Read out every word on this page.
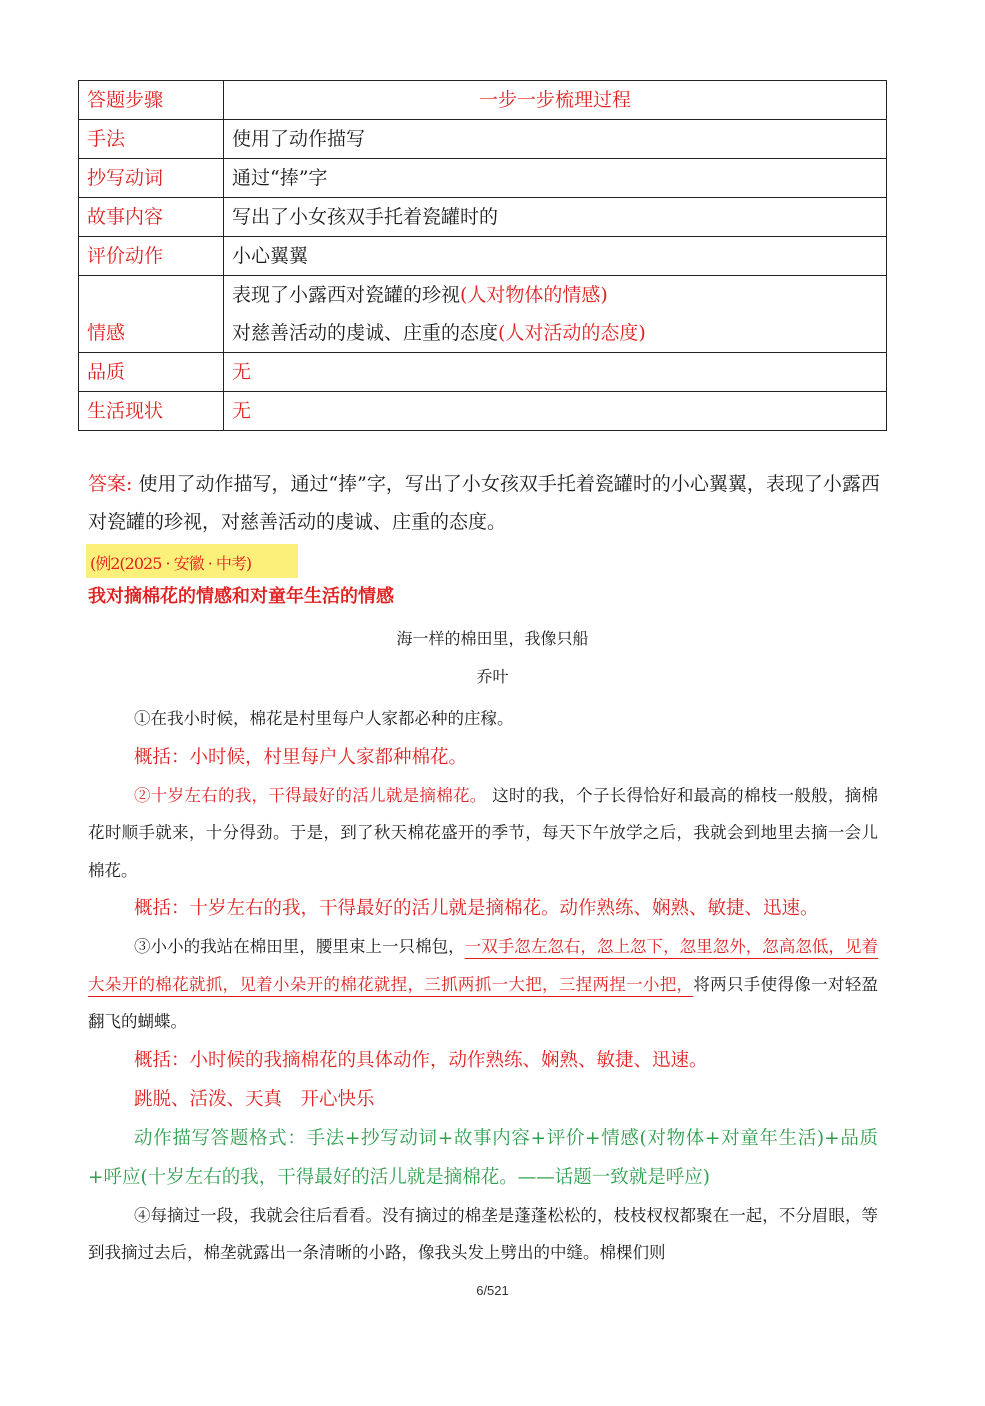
答题步骤	一步一步梳理过程
手法	使用了动作描写
抄写动词	通过“捧”字
故事内容	写出了小女孩双手托着瓷罐时的
评价动作	小心翼翼
情感	表现了小露西对瓷罐的珍视(人对物体的情感)
对慈善活动的虔诚、庄重的态度(人对活动的态度)

品质	无
生活现状	无
答案: 使用了动作描写，通过“捧”字，写出了小女孩双手托着瓷罐时的小心翼翼，表现了小露西对瓷罐的珍视，对慈善活动的虔诚、庄重的态度。
(例2(2025 · 安徽 · 中考)
我对摘棉花的情感和对童年生活的情感
海一样的棉田里，我像只船
乔叶

①在我小时候，棉花是村里每户人家都必种的庄稼。

概括：小时候，村里每户人家都种棉花。

②十岁左右的我，干得最好的活儿就是摘棉花。 这时的我，个子长得恰好和最高的棉枝一般般，摘棉花时顺手就来，十分得劲。于是，到了秋天棉花盛开的季节，每天下午放学之后，我就会到地里去摘一会儿棉花。

概括：十岁左右的我，干得最好的活儿就是摘棉花。动作熟练、娴熟、敏捷、迅速。

③小小的我站在棉田里，腰里束上一只棉包，一双手忽左忽右，忽上忽下，忽里忽外，忽高忽低，见着大朵开的棉花就抓，见着小朵开的棉花就捏，三抓两抓一大把，三捏两捏一小把，将两只手使得像一对轻盈翻飞的蝴蝶。

概括：小时候的我摘棉花的具体动作，动作熟练、娴熟、敏捷、迅速。

跳脱、活泼、天真　开心快乐

动作描写答题格式：手法+抄写动词+故事内容+评价+情感(对物体+对童年生活)+品质+呼应(十岁左右的我，干得最好的活儿就是摘棉花。——话题一致就是呼应)

④每摘过一段，我就会往后看看。没有摘过的棉垄是蓬蓬松松的，枝枝杈杈都聚在一起，不分眉眼，等到我摘过去后，棉垄就露出一条清晰的小路，像我头发上劈出的中缝。棉棵们则

6/521
